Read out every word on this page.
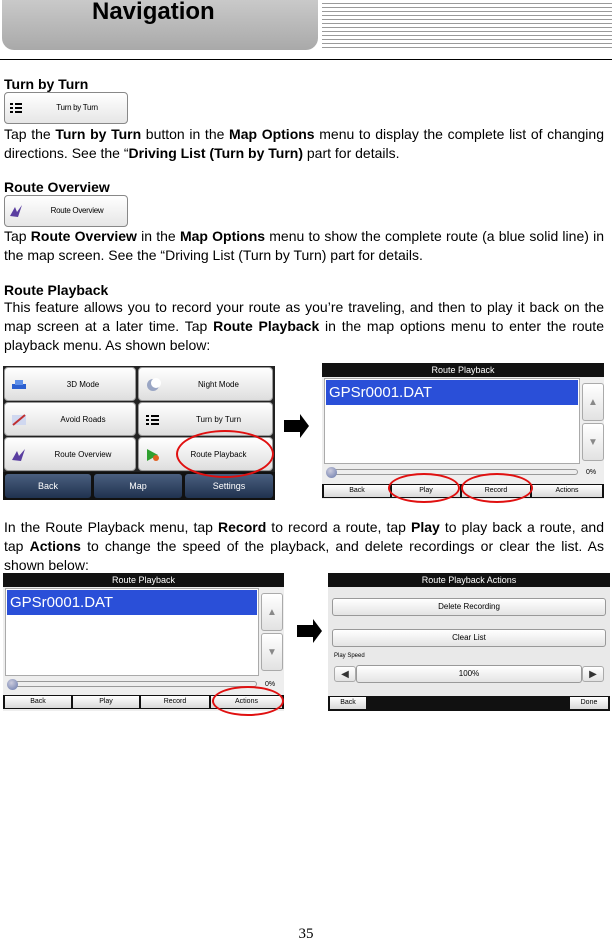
Navigation
Turn by Turn
Turn by Turn
Tap the Turn by Turn button in the Map Options menu to display the complete list of changing directions. See the “Driving List (Turn by Turn) part for details.
Route Overview
Route Overview
Tap Route Overview in the Map Options menu to show the complete route (a blue solid line) in the map screen. See the “Driving List (Turn by Turn) part for details.
Route Playback
This feature allows you to record your route as you’re traveling, and then to play it back on the map screen at a later time. Tap Route Playback in the map options menu to enter the route playback menu. As shown below:
3D Mode	Night Mode
Avoid Roads	Turn by Turn
Route Overview	Route Playback
Back	Map	Settings
Route Playback
GPSr0001.DAT
▲
▼
0%
Back	Play	Record	Actions
In the Route Playback menu, tap Record to record a route, tap Play to play back a route, and tap Actions to change the speed of the playback, and delete recordings or clear the list. As shown below:
Route Playback
GPSr0001.DAT
▲
▼
0%
Back	Play	Record	Actions
Route Playback Actions
Delete Recording
Clear List
Play Speed
100%
◀	▶
Back	Done
35
